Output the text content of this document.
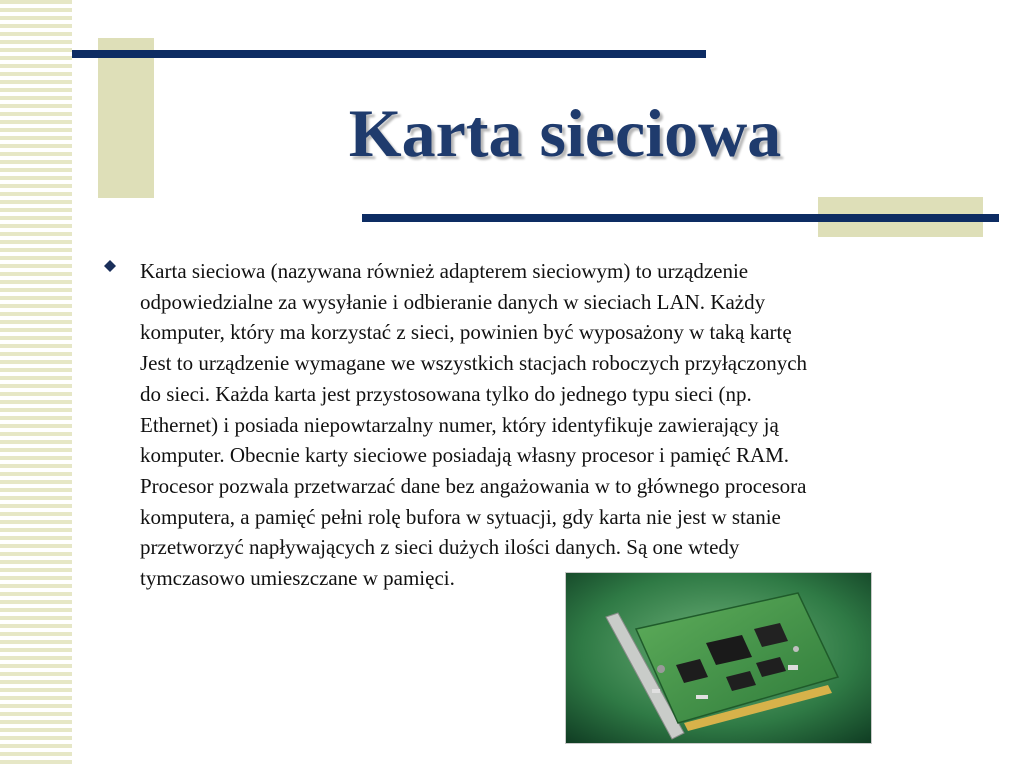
Karta sieciowa
Karta sieciowa (nazywana również adapterem sieciowym) to urządzenie
odpowiedzialne za wysyłanie i odbieranie danych w sieciach LAN. Każdy
komputer, który ma korzystać z sieci, powinien być wyposażony w taką kartę
Jest to urządzenie wymagane we wszystkich stacjach roboczych przyłączonych
do sieci. Każda karta jest przystosowana tylko do jednego typu sieci (np.
Ethernet) i posiada niepowtarzalny numer, który identyfikuje zawierający ją
komputer. Obecnie karty sieciowe posiadają własny procesor i pamięć RAM.
Procesor pozwala przetwarzać dane bez angażowania w to głównego procesora
komputera, a pamięć pełni rolę bufora w sytuacji, gdy karta nie jest w stanie
przetworzyć napływających z sieci dużych ilości danych. Są one wtedy
tymczasowo umieszczane w pamięci.
